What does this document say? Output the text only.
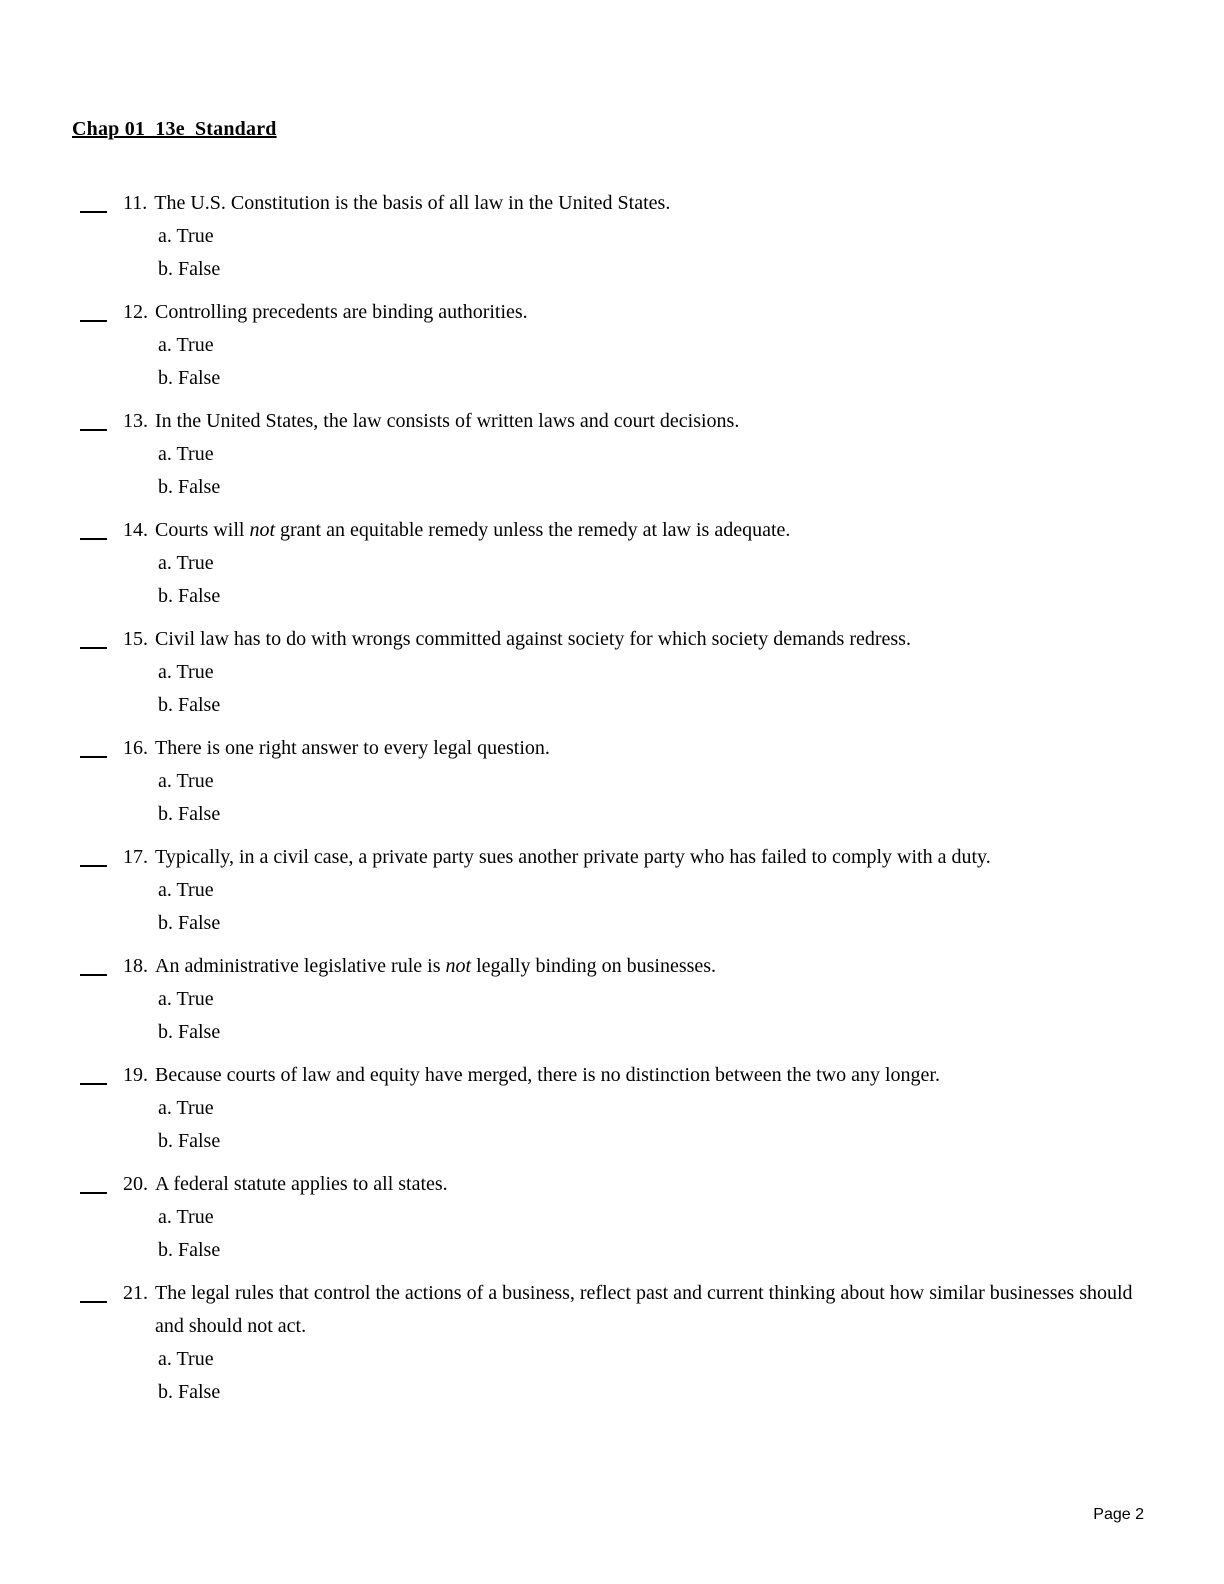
Chap 01_13e_Standard
11. The U.S. Constitution is the basis of all law in the United States.
a. True
b. False
12. Controlling precedents are binding authorities.
a. True
b. False
13. In the United States, the law consists of written laws and court decisions.
a. True
b. False
14. Courts will not grant an equitable remedy unless the remedy at law is adequate.
a. True
b. False
15. Civil law has to do with wrongs committed against society for which society demands redress.
a. True
b. False
16. There is one right answer to every legal question.
a. True
b. False
17. Typically, in a civil case, a private party sues another private party who has failed to comply with a duty.
a. True
b. False
18. An administrative legislative rule is not legally binding on businesses.
a. True
b. False
19. Because courts of law and equity have merged, there is no distinction between the two any longer.
a. True
b. False
20. A federal statute applies to all states.
a. True
b. False
21. The legal rules that control the actions of a business, reflect past and current thinking about how similar businesses should and should not act.
a. True
b. False
Page 2
